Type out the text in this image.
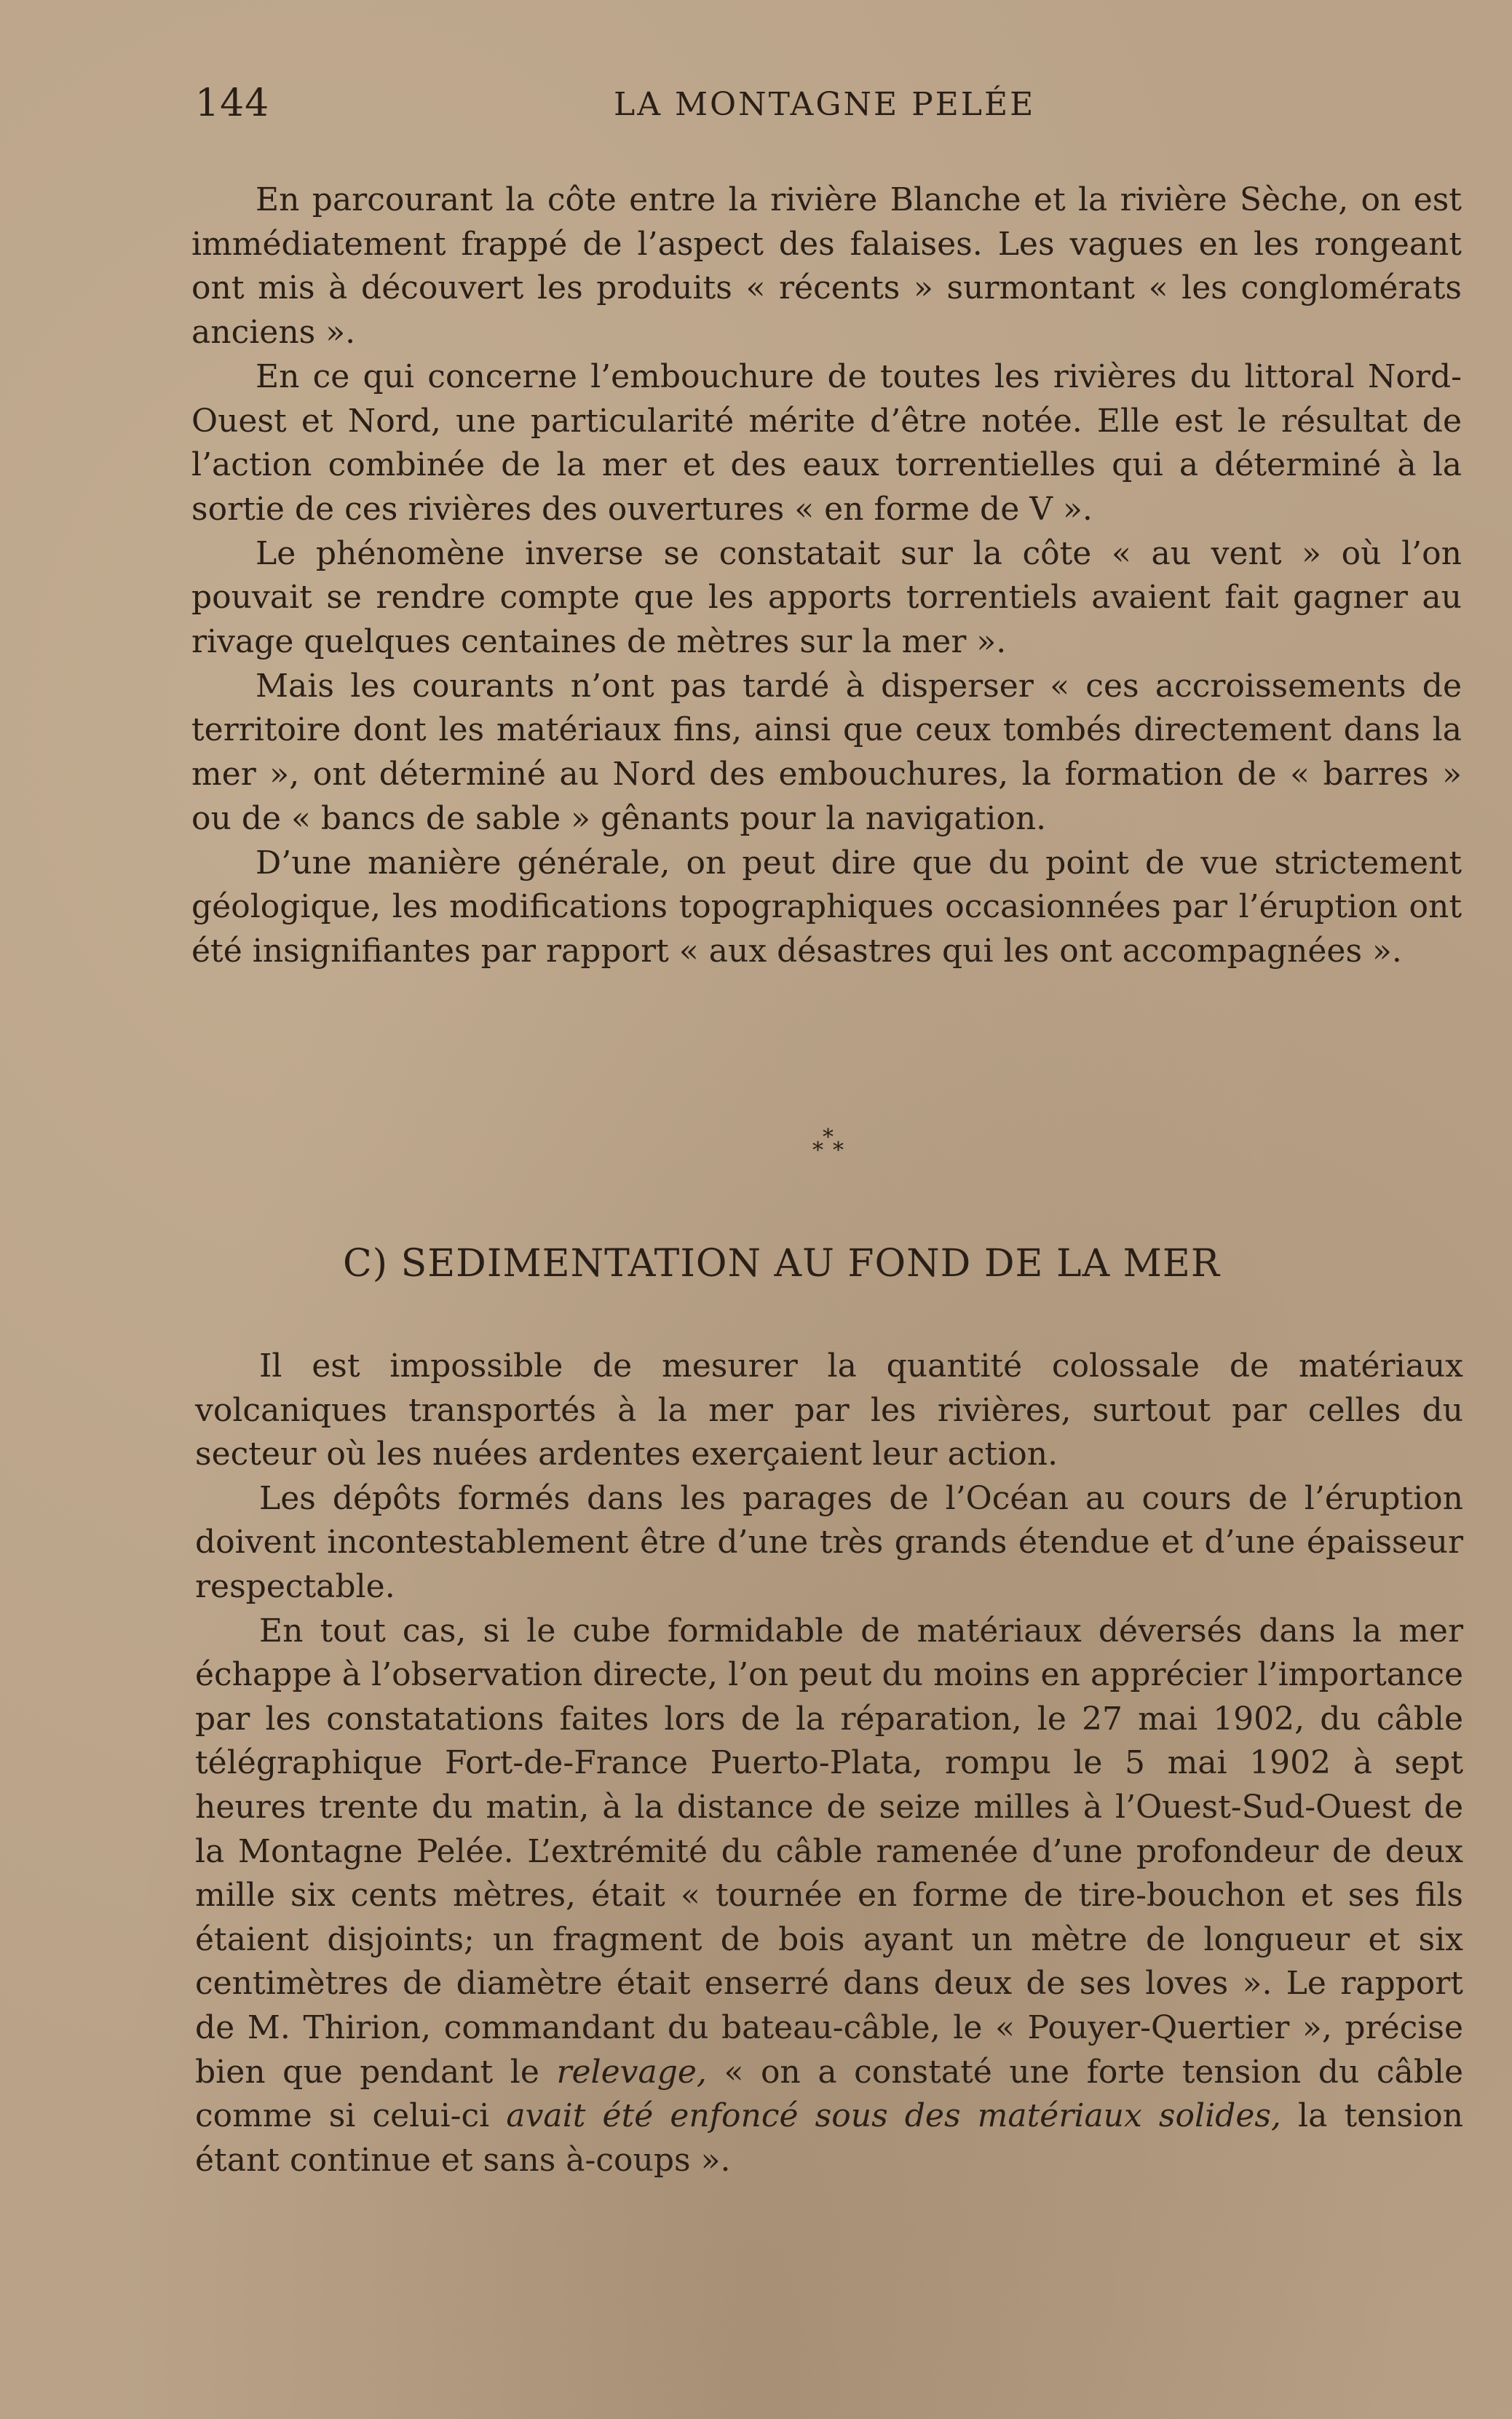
144	LA MONTAGNE PELÉE

En parcourant la côte entre la rivière Blanche et la rivière Sèche, on est immédiatement frappé de l’aspect des falaises. Les vagues en les rongeant ont mis à découvert les produits « récents » surmontant « les conglomérats anciens ».

En ce qui concerne l’embouchure de toutes les rivières du littoral Nord-Ouest et Nord, une particularité mérite d’être notée. Elle est le résultat de l’action combinée de la mer et des eaux torrentielles qui a déterminé à la sortie de ces rivières des ouvertures « en forme de V ».

Le phénomène inverse se constatait sur la côte « au vent » où l’on pouvait se rendre compte que les apports torrentiels avaient fait gagner au rivage quelques centaines de mètres sur la mer ».

Mais les courants n’ont pas tardé à disperser « ces accroissements de territoire dont les matériaux fins, ainsi que ceux tombés directement dans la mer », ont déterminé au Nord des embouchures, la formation de « barres » ou de « bancs de sable » gênants pour la navigation.

D’une manière générale, on peut dire que du point de vue strictement géologique, les modifications topographiques occasionnées par l’éruption ont été insignifiantes par rapport « aux désastres qui les ont accompagnées ».

*
* *
C) SEDIMENTATION AU FOND DE LA MER

Il est impossible de mesurer la quantité colossale de matériaux volcaniques transportés à la mer par les rivières, surtout par celles du secteur où les nuées ardentes exerçaient leur action.

Les dépôts formés dans les parages de l’Océan au cours de l’éruption doivent incontestablement être d’une très grands étendue et d’une épaisseur respectable.

En tout cas, si le cube formidable de matériaux déversés dans la mer échappe à l’observation directe, l’on peut du moins en apprécier l’importance par les constatations faites lors de la réparation, le 27 mai 1902, du câble télégraphique Fort-de-France Puerto-Plata, rompu le 5 mai 1902 à sept heures trente du matin, à la distance de seize milles à l’Ouest-Sud-Ouest de la Montagne Pelée. L’extrémité du câble ramenée d’une profondeur de deux mille six cents mètres, était « tournée en forme de tire-bouchon et ses fils étaient disjoints; un fragment de bois ayant un mètre de longueur et six centimètres de diamètre était enserré dans deux de ses loves ». Le rapport de M. Thirion, commandant du bateau-câble, le « Pouyer-Quertier », précise bien que pendant le relevage, « on a constaté une forte tension du câble comme si celui-ci avait été enfoncé sous des matériaux solides, la tension étant continue et sans à-coups ».
